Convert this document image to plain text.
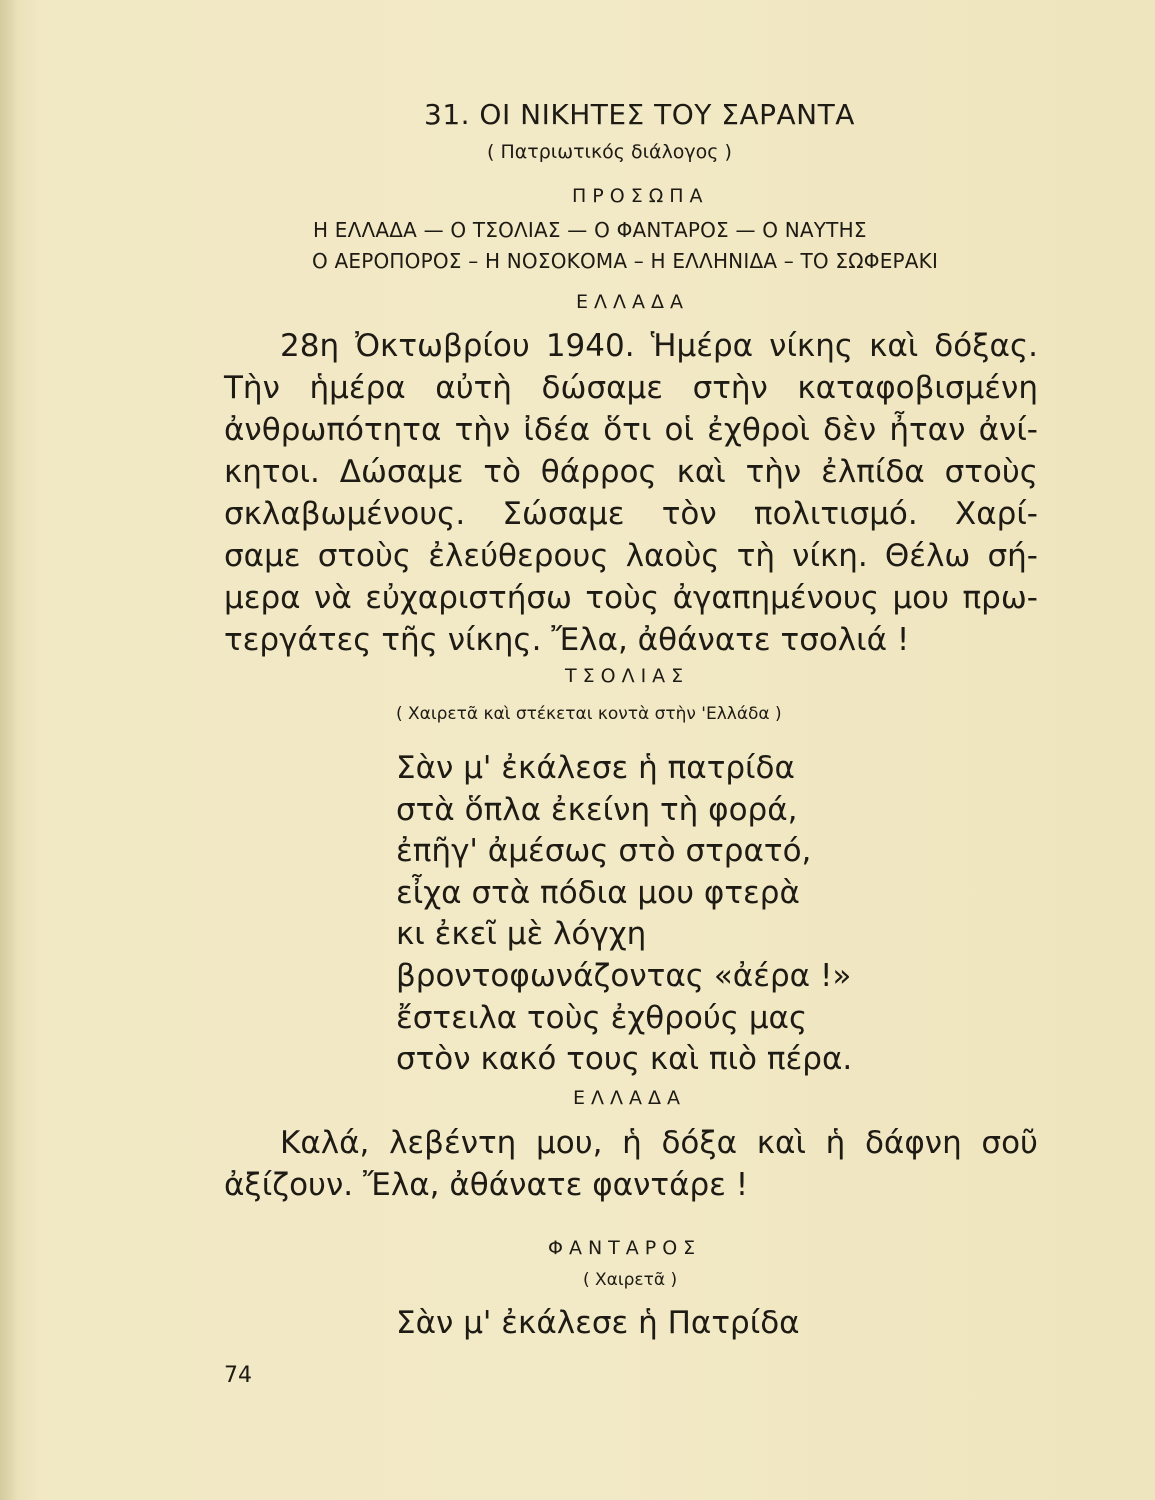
31. ΟΙ ΝΙΚΗΤΕΣ ΤΟΥ ΣΑΡΑΝΤΑ
( Πατριωτικός διάλογος )
ΠΡΟΣΩΠΑ
Η ΕΛΛΑΔΑ — Ο ΤΣΟΛΙΑΣ — Ο ΦΑΝΤΑΡΟΣ — Ο ΝΑΥΤΗΣ
Ο ΑΕΡΟΠΟΡΟΣ – Η ΝΟΣΟΚΟΜΑ – Η ΕΛΛΗΝΙΔΑ – ΤΟ ΣΩΦΕΡΑΚΙ
ΕΛΛΑΔΑ
28η Ὀκτωβρίου 1940. Ἡμέρα νίκης καὶ δόξας.
Τὴν ἡμέρα αὐτὴ δώσαμε στὴν καταφοβισμένη
ἀνθρωπότητα τὴν ἰδέα ὅτι οἱ ἐχθροὶ δὲν ἦταν ἀνί-
κητοι. Δώσαμε τὸ θάρρος καὶ τὴν ἐλπίδα στοὺς
σκλαβωμένους. Σώσαμε τὸν πολιτισμό. Χαρί-
σαμε στοὺς ἐλεύθερους λαοὺς τὴ νίκη. Θέλω σή-
μερα νὰ εὐχαριστήσω τοὺς ἀγαπημένους μου πρω-
τεργάτες τῆς νίκης. Ἔλα, ἀθάνατε τσολιά !
ΤΣΟΛΙΑΣ
( Χαιρετᾶ καὶ στέκεται κοντὰ στὴν 'Ελλάδα )
Σὰν μ' ἐκάλεσε ἡ πατρίδα
στὰ ὅπλα ἐκείνη τὴ φορά,
ἐπῆγ' ἀμέσως στὸ στρατό,
εἶχα στὰ πόδια μου φτερὰ
κι ἐκεῖ μὲ λόγχη
βροντοφωνάζοντας «ἀέρα !»
ἔστειλα τοὺς ἐχθρούς μας
στὸν κακό τους καὶ πιὸ πέρα.
ΕΛΛΑΔΑ
Καλά, λεβέντη μου, ἡ δόξα καὶ ἡ δάφνη σοῦ
ἀξίζουν. Ἔλα, ἀθάνατε φαντάρε !
ΦΑΝΤΑΡΟΣ
( Χαιρετᾶ )
Σὰν μ' ἐκάλεσε ἡ Πατρίδα
74
